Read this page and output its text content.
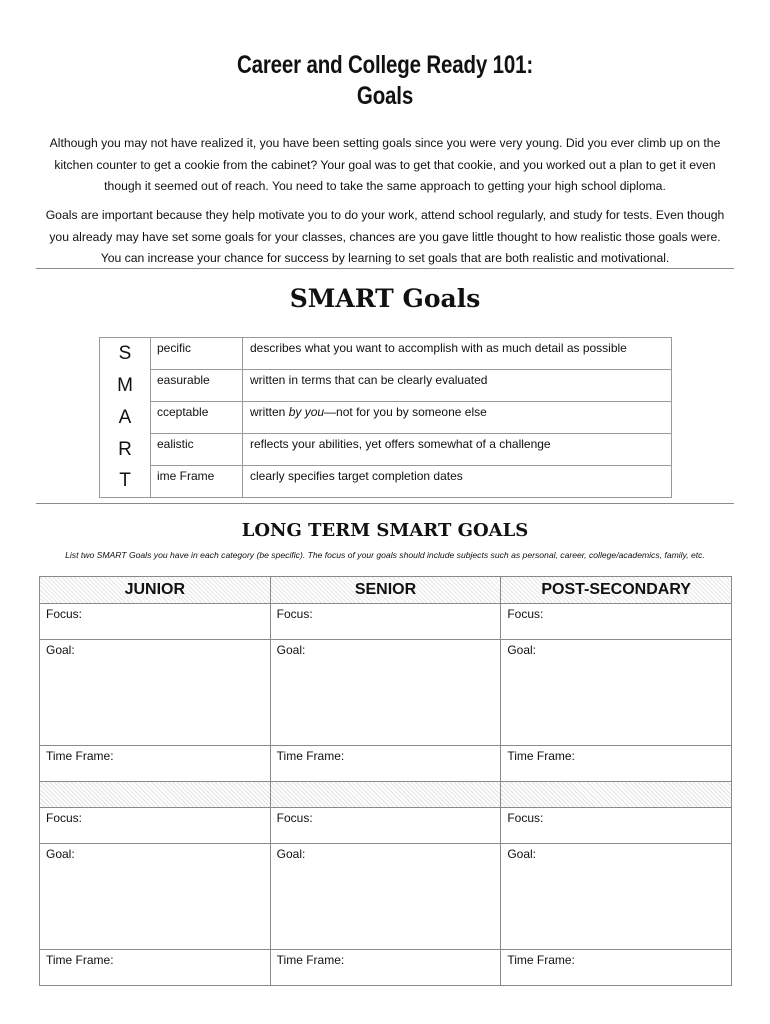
Career and College Ready 101:
Goals

Although you may not have realized it, you have been setting goals since you were very young. Did you ever climb up on the kitchen counter to get a cookie from the cabinet? Your goal was to get that cookie, and you worked out a plan to get it even though it seemed out of reach. You need to take the same approach to getting your high school diploma.

Goals are important because they help motivate you to do your work, attend school regularly, and study for tests. Even though you already may have set some goals for your classes, chances are you gave little thought to how realistic those goals were. You can increase your chance for success by learning to set goals that are both realistic and motivational.

SMART Goals
S	pecific	describes what you want to accomplish with as much detail as possible
M	easurable	written in terms that can be clearly evaluated
A	cceptable	written by you—not for you by someone else
R	ealistic	reflects your abilities, yet offers somewhat of a challenge
T	ime Frame	clearly specifies target completion dates
LONG TERM SMART GOALS
List two SMART Goals you have in each category (be specific). The focus of your goals should include subjects such as personal, career, college/academics, family, etc.
JUNIOR	SENIOR	POST-SECONDARY
Focus:	Focus:	Focus:
Goal:	Goal:	Goal:
Time Frame:	Time Frame:	Time Frame:

Focus:	Focus:	Focus:
Goal:	Goal:	Goal:
Time Frame:	Time Frame:	Time Frame:
